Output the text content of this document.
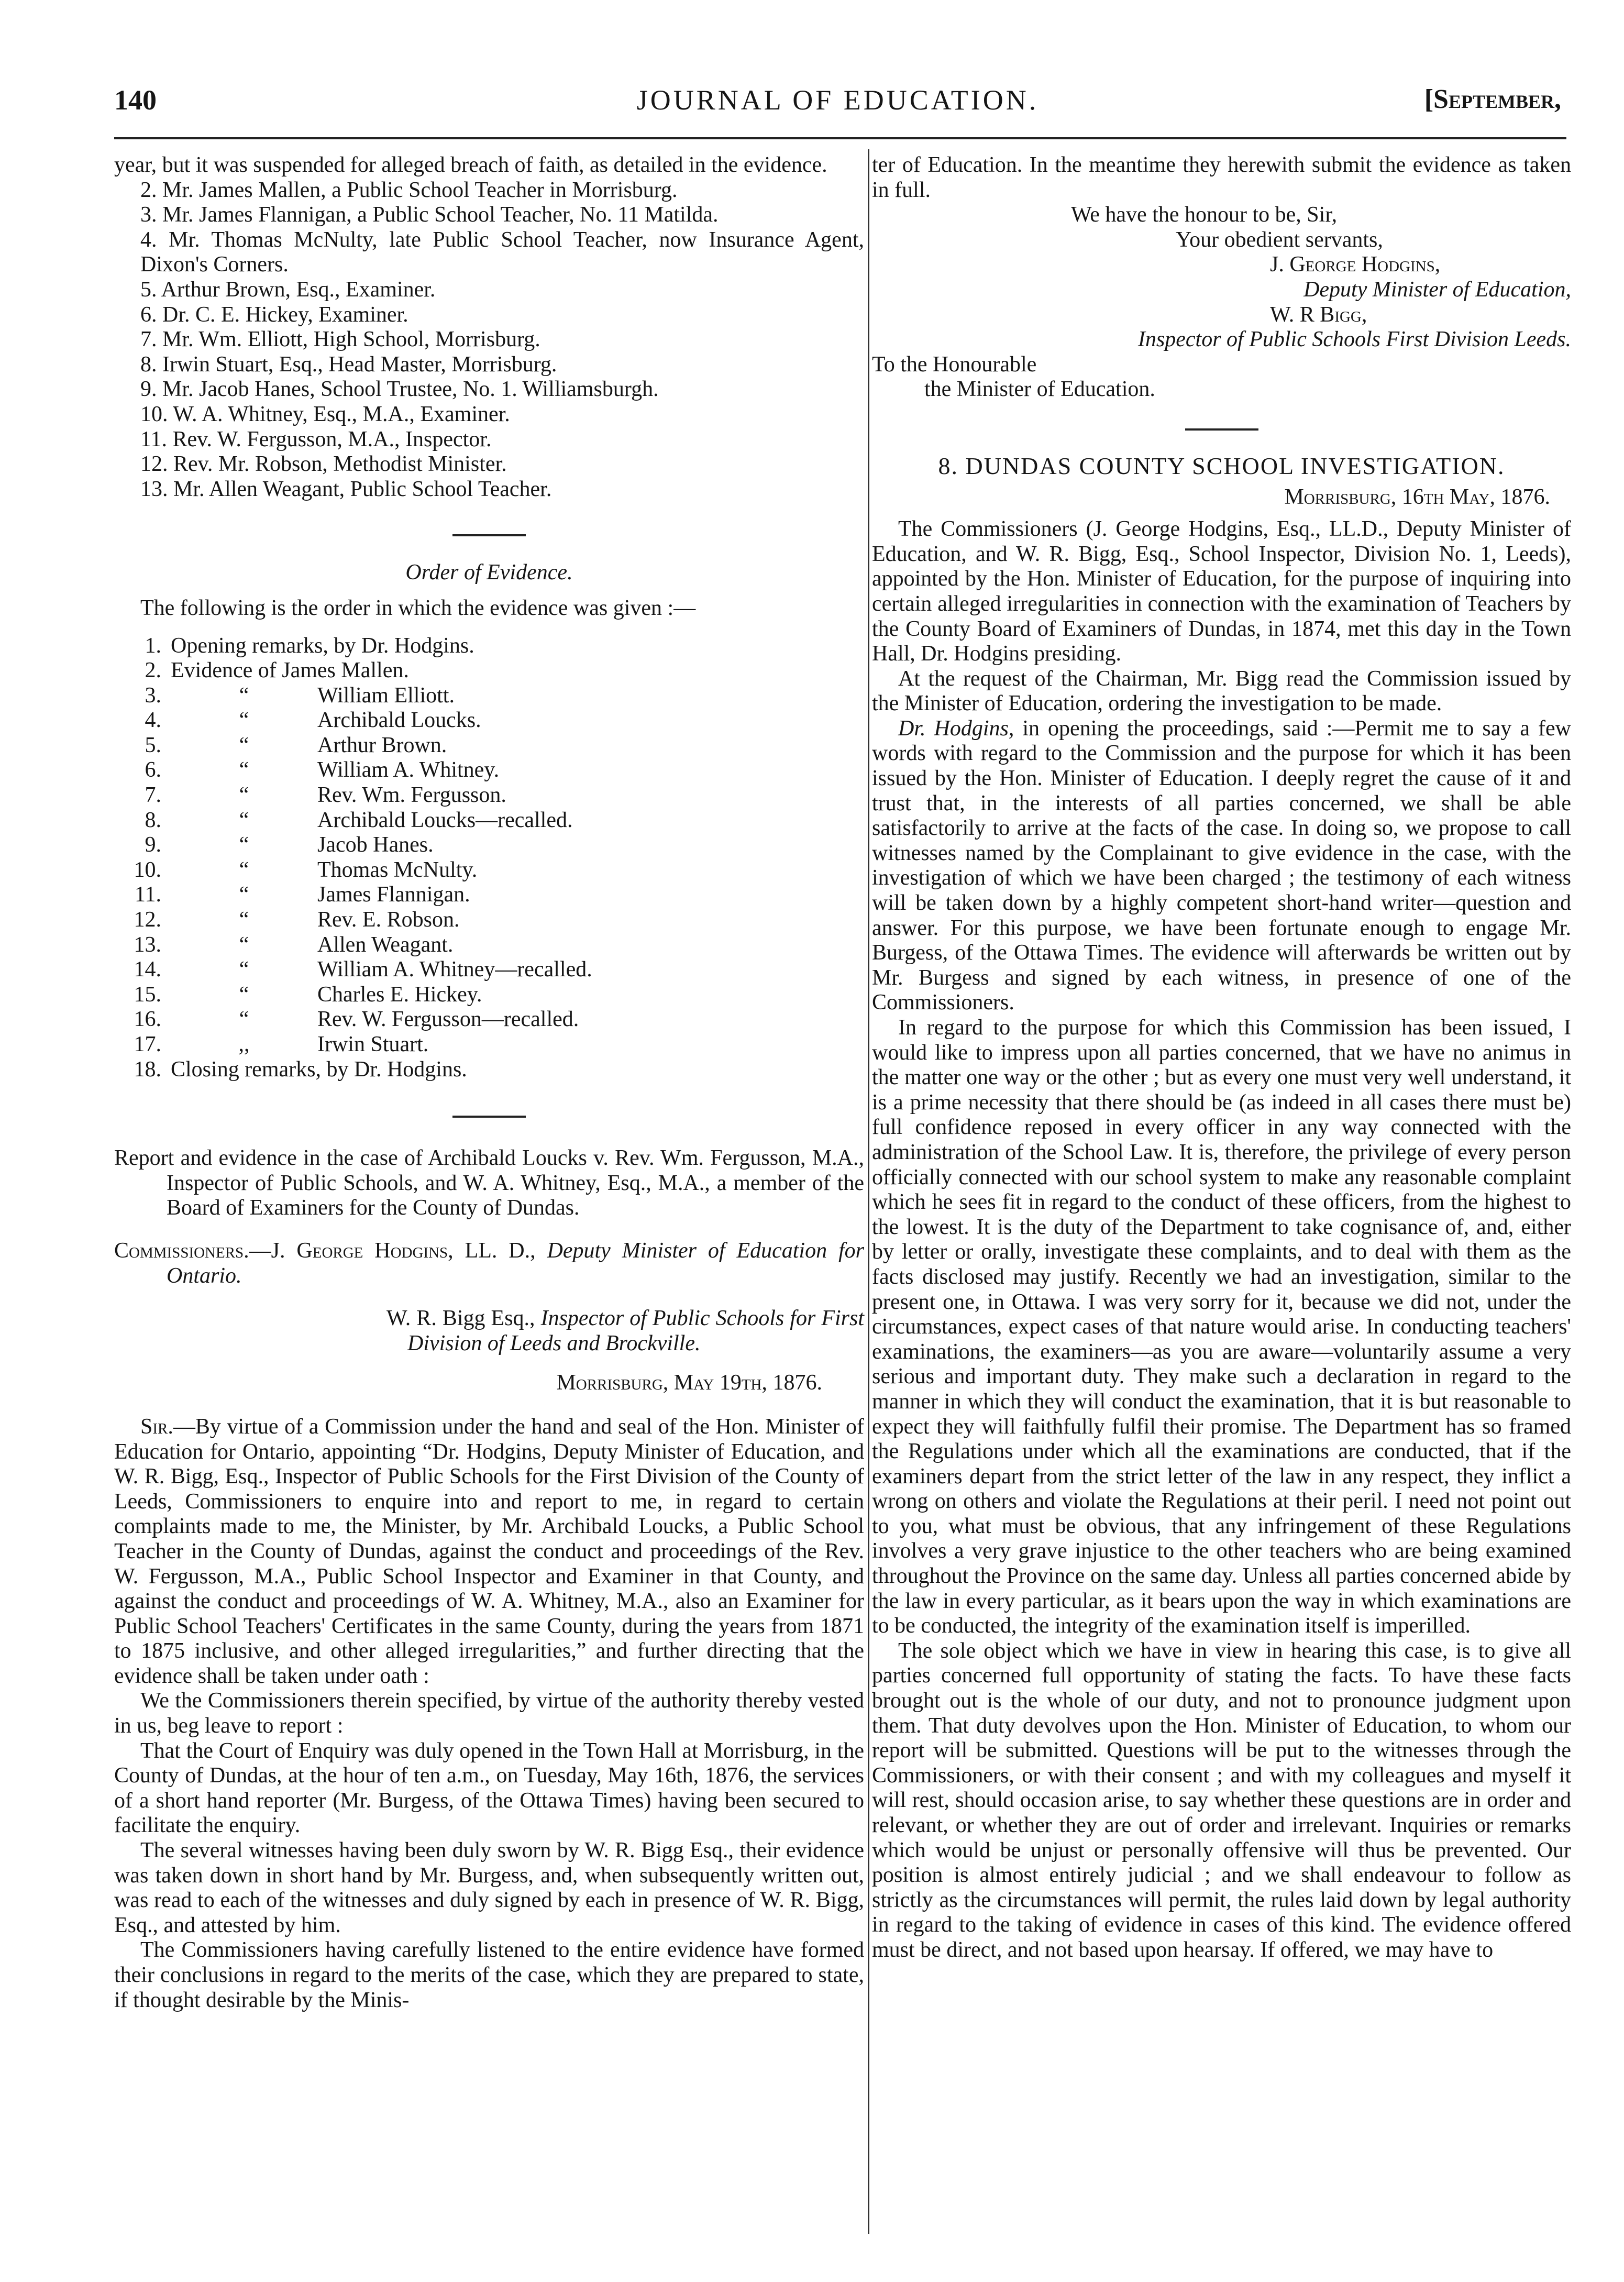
140	JOURNAL OF EDUCATION.	[September,

year, but it was suspended for alleged breach of faith, as detailed in the evidence.

2. Mr. James Mallen, a Public School Teacher in Morrisburg.
3. Mr. James Flannigan, a Public School Teacher, No. 11 Matilda.
4. Mr. Thomas McNulty, late Public School Teacher, now Insurance Agent, Dixon's Corners.
5. Arthur Brown, Esq., Examiner.
6. Dr. C. E. Hickey, Examiner.
7. Mr. Wm. Elliott, High School, Morrisburg.
8. Irwin Stuart, Esq., Head Master, Morrisburg.
9. Mr. Jacob Hanes, School Trustee, No. 1. Williamsburgh.
10. W. A. Whitney, Esq., M.A., Examiner.
11. Rev. W. Fergusson, M.A., Inspector.
12. Rev. Mr. Robson, Methodist Minister.
13. Mr. Allen Weagant, Public School Teacher.

Order of Evidence.

The following is the order in which the evidence was given :—

1. Opening remarks, by Dr. Hodgins.
2. Evidence of James Mallen.
3.	“	William Elliott.
4.	“	Archibald Loucks.
5.	“	Arthur Brown.
6.	“	William A. Whitney.
7.	“	Rev. Wm. Fergusson.
8.	“	Archibald Loucks—recalled.
9.	“	Jacob Hanes.
10.	“	Thomas McNulty.
11.	“	James Flannigan.
12.	“	Rev. E. Robson.
13.	“	Allen Weagant.
14.	“	William A. Whitney—recalled.
15.	“	Charles E. Hickey.
16.	“	Rev. W. Fergusson—recalled.
17.	,,	Irwin Stuart.
18. Closing remarks, by Dr. Hodgins.

Report and evidence in the case of Archibald Loucks v. Rev. Wm. Fergusson, M.A., Inspector of Public Schools, and W. A. Whitney, Esq., M.A., a member of the Board of Examiners for the County of Dundas.

Commissioners.—J. George Hodgins, LL. D., Deputy Minister of Education for Ontario.

W. R. Bigg Esq., Inspector of Public Schools for First Division of Leeds and Brockville.

Morrisburg, May 19th, 1876.

Sir.—By virtue of a Commission under the hand and seal of the Hon. Minister of Education for Ontario, appointing “Dr. Hodgins, Deputy Minister of Education, and W. R. Bigg, Esq., Inspector of Public Schools for the First Division of the County of Leeds, Commissioners to enquire into and report to me, in regard to certain complaints made to me, the Minister, by Mr. Archibald Loucks, a Public School Teacher in the County of Dundas, against the conduct and proceedings of the Rev. W. Fergusson, M.A., Public School Inspector and Examiner in that County, and against the conduct and proceedings of W. A. Whitney, M.A., also an Examiner for Public School Teachers' Certificates in the same County, during the years from 1871 to 1875 inclusive, and other alleged irregularities,” and further directing that the evidence shall be taken under oath :

We the Commissioners therein specified, by virtue of the authority thereby vested in us, beg leave to report :

That the Court of Enquiry was duly opened in the Town Hall at Morrisburg, in the County of Dundas, at the hour of ten a.m., on Tuesday, May 16th, 1876, the services of a short hand reporter (Mr. Burgess, of the Ottawa Times) having been secured to facilitate the enquiry.

The several witnesses having been duly sworn by W. R. Bigg Esq., their evidence was taken down in short hand by Mr. Burgess, and, when subsequently written out, was read to each of the witnesses and duly signed by each in presence of W. R. Bigg, Esq., and attested by him.

The Commissioners having carefully listened to the entire evidence have formed their conclusions in regard to the merits of the case, which they are prepared to state, if thought desirable by the Minis-

ter of Education. In the meantime they herewith submit the evidence as taken in full.

We have the honour to be, Sir,

Your obedient servants,

J. George Hodgins,

Deputy Minister of Education,

W. R Bigg,

Inspector of Public Schools First Division Leeds.

To the Honourable

the Minister of Education.

8. DUNDAS COUNTY SCHOOL INVESTIGATION.

Morrisburg, 16th May, 1876.

The Commissioners (J. George Hodgins, Esq., LL.D., Deputy Minister of Education, and W. R. Bigg, Esq., School Inspector, Division No. 1, Leeds), appointed by the Hon. Minister of Education, for the purpose of inquiring into certain alleged irregularities in connection with the examination of Teachers by the County Board of Examiners of Dundas, in 1874, met this day in the Town Hall, Dr. Hodgins presiding.

At the request of the Chairman, Mr. Bigg read the Commission issued by the Minister of Education, ordering the investigation to be made.

Dr. Hodgins, in opening the proceedings, said :—Permit me to say a few words with regard to the Commission and the purpose for which it has been issued by the Hon. Minister of Education. I deeply regret the cause of it and trust that, in the interests of all parties concerned, we shall be able satisfactorily to arrive at the facts of the case. In doing so, we propose to call witnesses named by the Complainant to give evidence in the case, with the investigation of which we have been charged ; the testimony of each witness will be taken down by a highly competent short-hand writer—question and answer. For this purpose, we have been fortunate enough to engage Mr. Burgess, of the Ottawa Times. The evidence will afterwards be written out by Mr. Burgess and signed by each witness, in presence of one of the Commissioners.

In regard to the purpose for which this Commission has been issued, I would like to impress upon all parties concerned, that we have no animus in the matter one way or the other ; but as every one must very well understand, it is a prime necessity that there should be (as indeed in all cases there must be) full confidence reposed in every officer in any way connected with the administration of the School Law. It is, therefore, the privilege of every person officially connected with our school system to make any reasonable complaint which he sees fit in regard to the conduct of these officers, from the highest to the lowest. It is the duty of the Department to take cognisance of, and, either by letter or orally, investigate these complaints, and to deal with them as the facts disclosed may justify. Recently we had an investigation, similar to the present one, in Ottawa. I was very sorry for it, because we did not, under the circumstances, expect cases of that nature would arise. In conducting teachers' examinations, the examiners—as you are aware—voluntarily assume a very serious and important duty. They make such a declaration in regard to the manner in which they will conduct the examination, that it is but reasonable to expect they will faithfully fulfil their promise. The Department has so framed the Regulations under which all the examinations are conducted, that if the examiners depart from the strict letter of the law in any respect, they inflict a wrong on others and violate the Regulations at their peril. I need not point out to you, what must be obvious, that any infringement of these Regulations involves a very grave injustice to the other teachers who are being examined throughout the Province on the same day. Unless all parties concerned abide by the law in every particular, as it bears upon the way in which examinations are to be conducted, the integrity of the examination itself is imperilled.

The sole object which we have in view in hearing this case, is to give all parties concerned full opportunity of stating the facts. To have these facts brought out is the whole of our duty, and not to pronounce judgment upon them. That duty devolves upon the Hon. Minister of Education, to whom our report will be submitted. Questions will be put to the witnesses through the Commissioners, or with their consent ; and with my colleagues and myself it will rest, should occasion arise, to say whether these questions are in order and relevant, or whether they are out of order and irrelevant. Inquiries or remarks which would be unjust or personally offensive will thus be prevented. Our position is almost entirely judicial ; and we shall endeavour to follow as strictly as the circumstances will permit, the rules laid down by legal authority in regard to the taking of evidence in cases of this kind. The evidence offered must be direct, and not based upon hearsay. If offered, we may have to
